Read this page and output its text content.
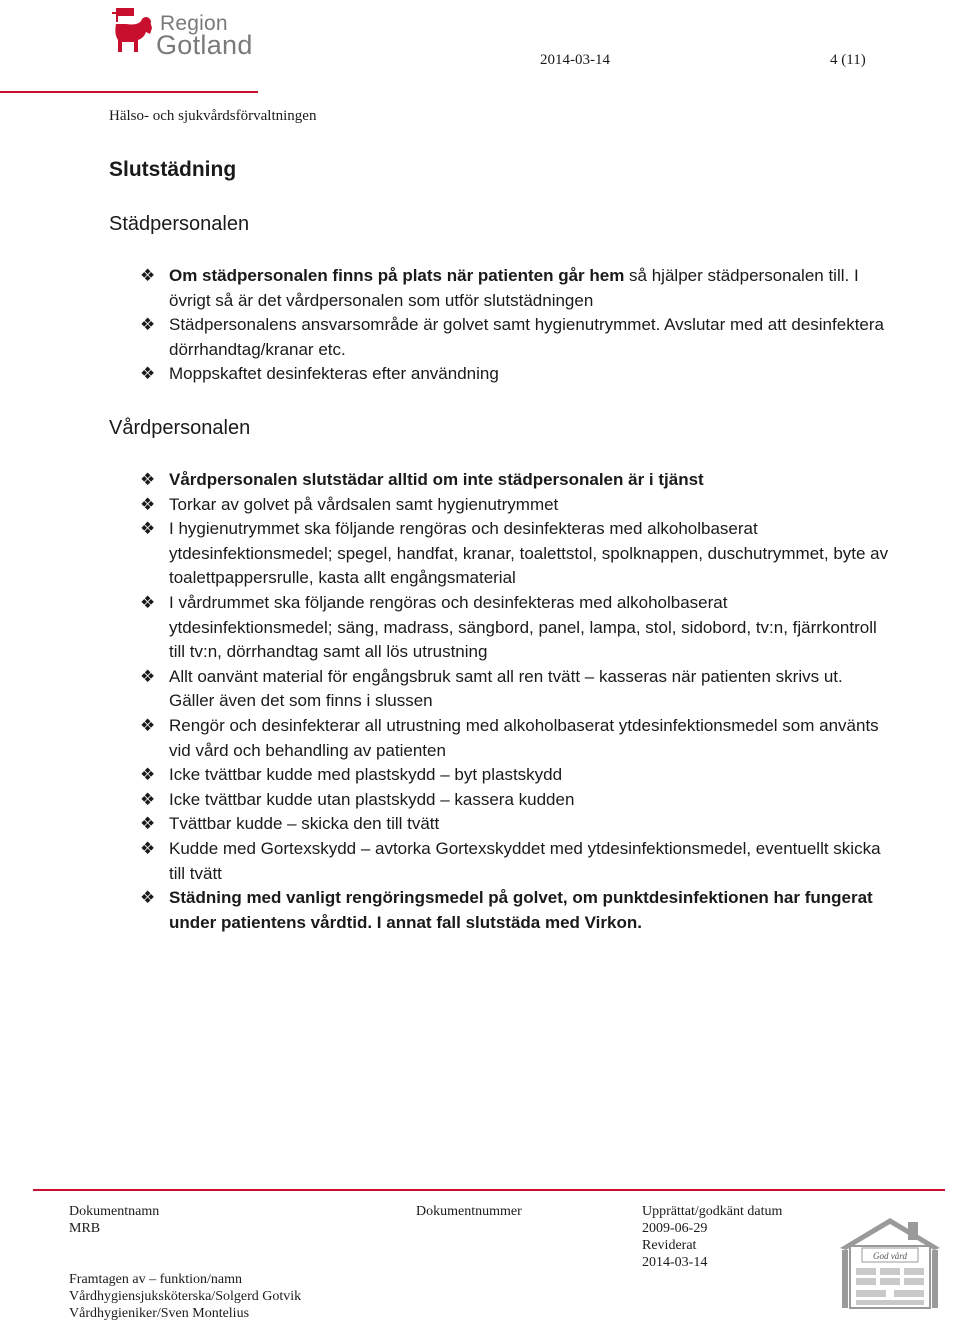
Region
Gotland	2014-03-14	4 (11)
Hälso- och sjukvårdsförvaltningen
Slutstädning
Städpersonalen
❖ Om städpersonalen finns på plats när patienten går hem så hjälper städpersonalen till. I övrigt så är det vårdpersonalen som utför slutstädningen
❖ Städpersonalens ansvarsområde är golvet samt hygienutrymmet. Avslutar med att desinfektera dörrhandtag/kranar etc.
❖ Moppskaftet desinfekteras efter användning
Vårdpersonalen
❖ Vårdpersonalen slutstädar alltid om inte städpersonalen är i tjänst
❖ Torkar av golvet på vårdsalen samt hygienutrymmet
❖ I hygienutrymmet ska följande rengöras och desinfekteras med alkoholbaserat ytdesinfektionsmedel; spegel, handfat, kranar, toalettstol, spolknappen, duschutrymmet, byte av toalettpappersrulle, kasta allt engångsmaterial
❖ I vårdrummet ska följande rengöras och desinfekteras med alkoholbaserat ytdesinfektionsmedel; säng, madrass, sängbord, panel, lampa, stol, sidobord, tv:n, fjärrkontroll till tv:n, dörrhandtag samt all lös utrustning
❖ Allt oanvänt material för engångsbruk samt all ren tvätt – kasseras när patienten skrivs ut. Gäller även det som finns i slussen
❖ Rengör och desinfekterar all utrustning med alkoholbaserat ytdesinfektionsmedel som använts vid vård och behandling av patienten
❖ Icke tvättbar kudde med plastskydd – byt plastskydd
❖ Icke tvättbar kudde utan plastskydd – kassera kudden
❖ Tvättbar kudde – skicka den till tvätt
❖ Kudde med Gortexskydd – avtorka Gortexskyddet med ytdesinfektionsmedel, eventuellt skicka till tvätt
❖ Städning med vanligt rengöringsmedel på golvet, om punktdesinfektionen har fungerat under patientens vårdtid. I annat fall slutstäda med Virkon.
Dokumentnamn
MRB
Dokumentnummer	Upprättat/godkänt datum
2009-06-29
Reviderat
2014-03-14
Framtagen av – funktion/namn
Vårdhygiensjuksköterska/Solgerd Gotvik
Vårdhygieniker/Sven Montelius
God vård
